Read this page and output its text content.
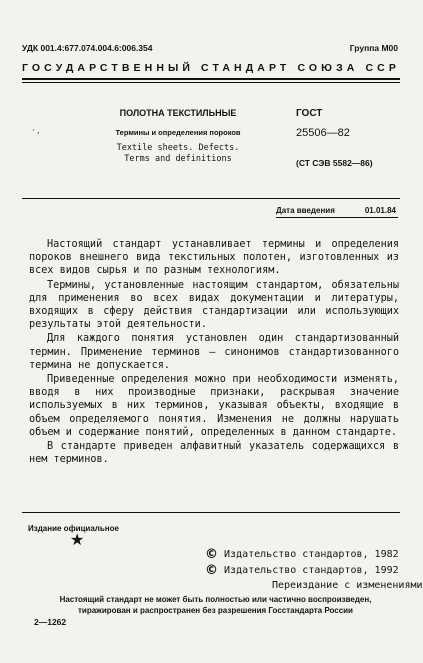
УДК 001.4:677.074.004.6:006.354	Группа М00
ГОСУДАРСТВЕННЫЙ СТАНДАРТ СОЮЗА ССР
· ‚
ПОЛОТНА ТЕКСТИЛЬНЫЕ
Термины и определения пороков
Textile sheets. Defects.
Terms and definitions
ГОСТ
25506—82
(СТ СЭВ 5582—86)
Дата введения	01.01.84

Настоящий стандарт устанавливает термины и определения пороков внешнего вида текстильных полотен, изготовленных из всех видов сырья и по разным технологиям.

Термины, установленные настоящим стандартом, обязательны для применения во всех видах документации и литературы, входящих в сферу действия стандартизации или использующих результаты этой деятельности.

Для каждого понятия установлен один стандартизованный термин. Применение терминов — синонимов стандартизованного термина не допускается.

Приведенные определения можно при необходимости изменять, вводя в них производные признаки, раскрывая значение используемых в них терминов, указывая объекты, входящие в объем определяемого понятия. Изменения не должны нарушать объем и содержание понятий, определенных в данном стандарте.

В стандарте приведен алфавитный указатель содержащихся в нем терминов.

Издание официальное
★
© Издательство стандартов, 1982
© Издательство стандартов, 1992
Переиздание с изменениями
Настоящий стандарт не может быть полностью или частично воспроизведен,
тиражирован и распространен без разрешения Госстандарта России
2—1262
